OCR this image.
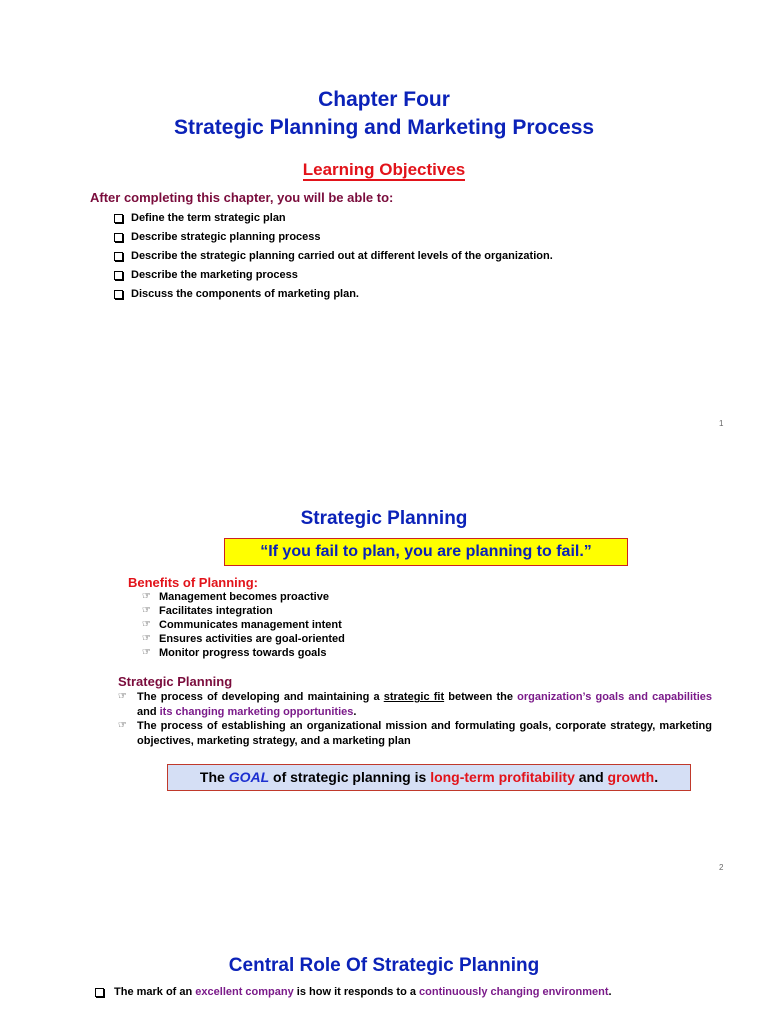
Chapter Four
Strategic Planning and Marketing Process
Learning Objectives
After completing this chapter, you will be able to:
Define the term strategic plan
Describe strategic planning process
Describe the strategic planning carried out at different levels of the organization.
Describe the marketing process
Discuss the components of marketing plan.
1
Strategic Planning
“If you fail to plan, you are planning to fail.”
Benefits of Planning:
☞ Management becomes proactive
☞ Facilitates integration
☞ Communicates management intent
☞ Ensures activities are goal-oriented
☞ Monitor progress towards goals
Strategic Planning
☞ The process of developing and maintaining a strategic fit between the organization’s goals and capabilities and its changing marketing opportunities.
☞ The process of establishing an organizational mission and formulating goals, corporate strategy, marketing objectives, marketing strategy, and a marketing plan
The GOAL of strategic planning is long-term profitability and growth.
2
Central Role Of Strategic Planning
The mark of an excellent company is how it responds to a continuously changing environment.
